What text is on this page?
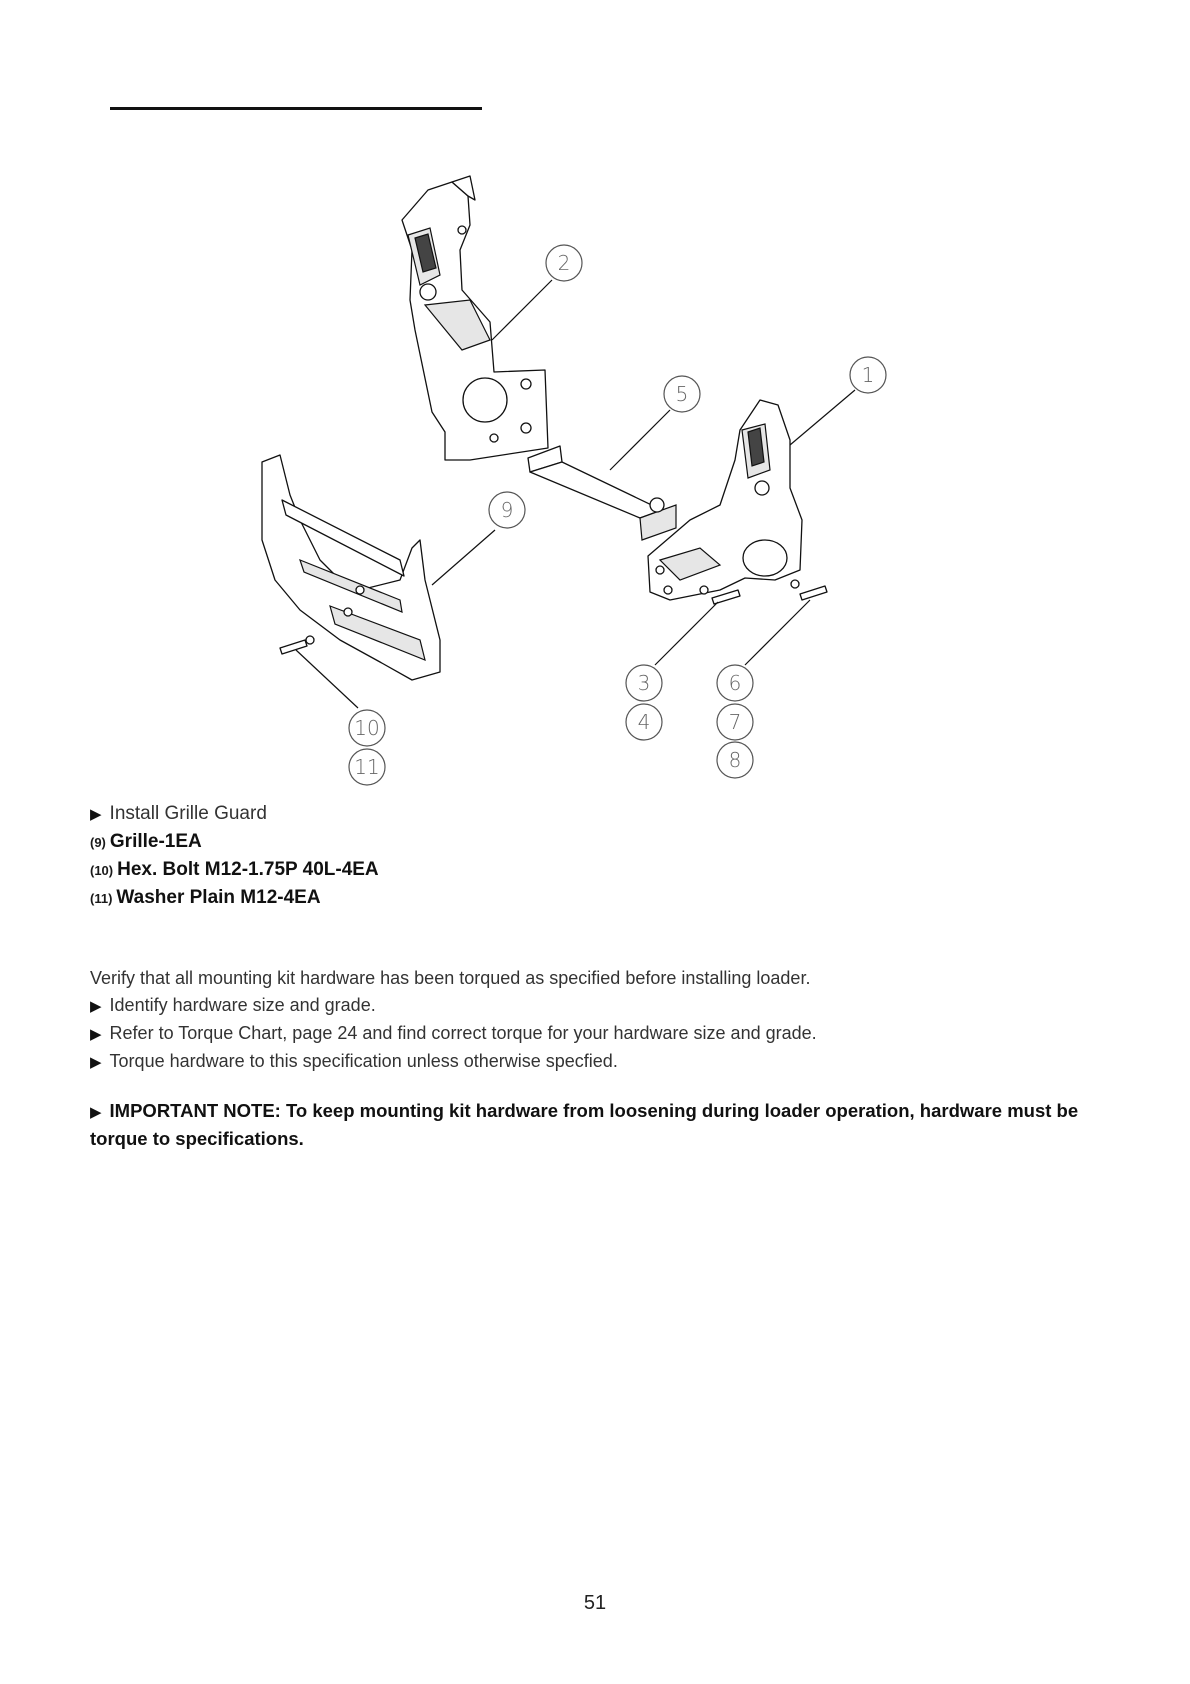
2
5
1
9
3
4
6
7
8
10
11
▶ Install Grille Guard
(9) Grille-1EA
(10) Hex. Bolt M12-1.75P 40L-4EA
(11) Washer Plain M12-4EA

Verify that all mounting kit hardware has been torqued as specified before installing loader.

▶ Identify hardware size and grade.

▶ Refer to Torque Chart, page 24 and find correct torque for your hardware size and grade.

▶ Torque hardware to this specification unless otherwise specfied.

▶ IMPORTANT NOTE: To keep mounting kit hardware from loosening during loader operation, hardware must be torque to specifications.
51
